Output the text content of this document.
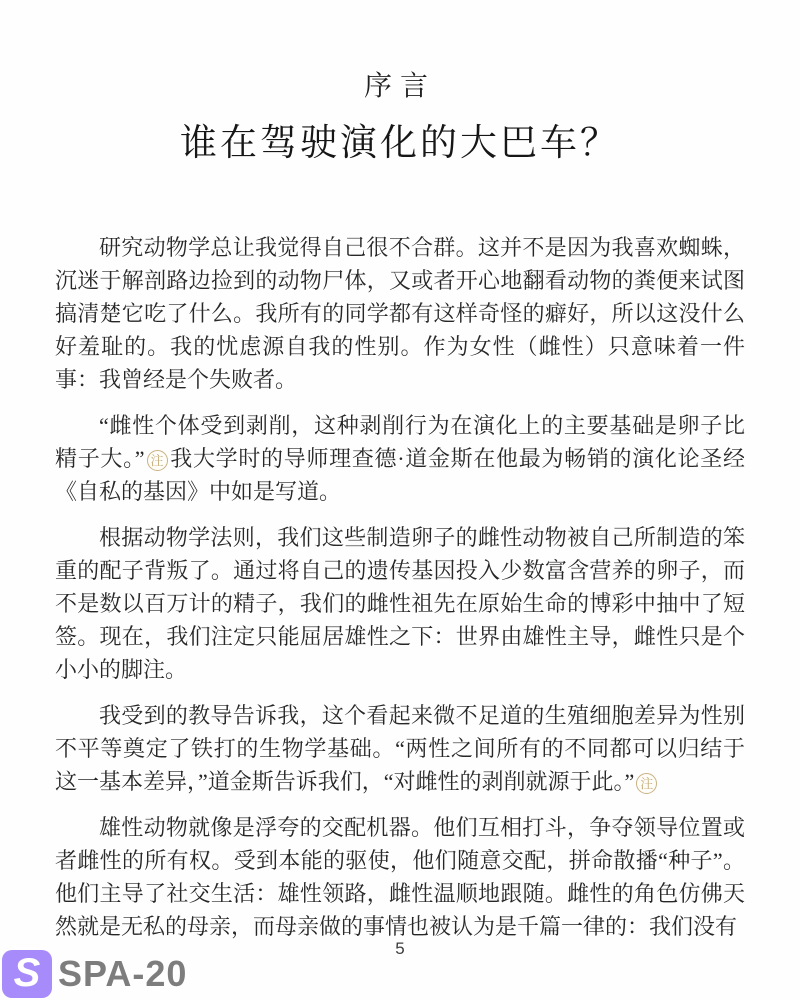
序言
谁在驾驶演化的大巴车？

研究动物学总让我觉得自己很不合群。这并不是因为我喜欢蜘蛛，沉迷于解剖路边捡到的动物尸体，又或者开心地翻看动物的粪便来试图搞清楚它吃了什么。我所有的同学都有这样奇怪的癖好，所以这没什么好羞耻的。我的忧虑源自我的性别。作为女性（雌性）只意味着一件事：我曾经是个失败者。

“雌性个体受到剥削，这种剥削行为在演化上的主要基础是卵子比精子大。” 注 我大学时的导师理查德·道金斯在他最为畅销的演化论圣经《自私的基因》中如是写道。

根据动物学法则，我们这些制造卵子的雌性动物被自己所制造的笨重的配子背叛了。通过将自己的遗传基因投入少数富含营养的卵子，而不是数以百万计的精子，我们的雌性祖先在原始生命的博彩中抽中了短签。现在，我们注定只能屈居雄性之下：世界由雄性主导，雌性只是个小小的脚注。

我受到的教导告诉我，这个看起来微不足道的生殖细胞差异为性别不平等奠定了铁打的生物学基础。“两性之间所有的不同都可以归结于这一基本差异，”道金斯告诉我们，“对雌性的剥削就源于此。” 注

雄性动物就像是浮夸的交配机器。他们互相打斗，争夺领导位置或者雌性的所有权。受到本能的驱使，他们随意交配，拼命散播“种子”。他们主导了社交生活：雄性领路，雌性温顺地跟随。雌性的角色仿佛天然就是无私的母亲，而母亲做的事情也被认为是千篇一律的：我们没有

5
S SPA-20
